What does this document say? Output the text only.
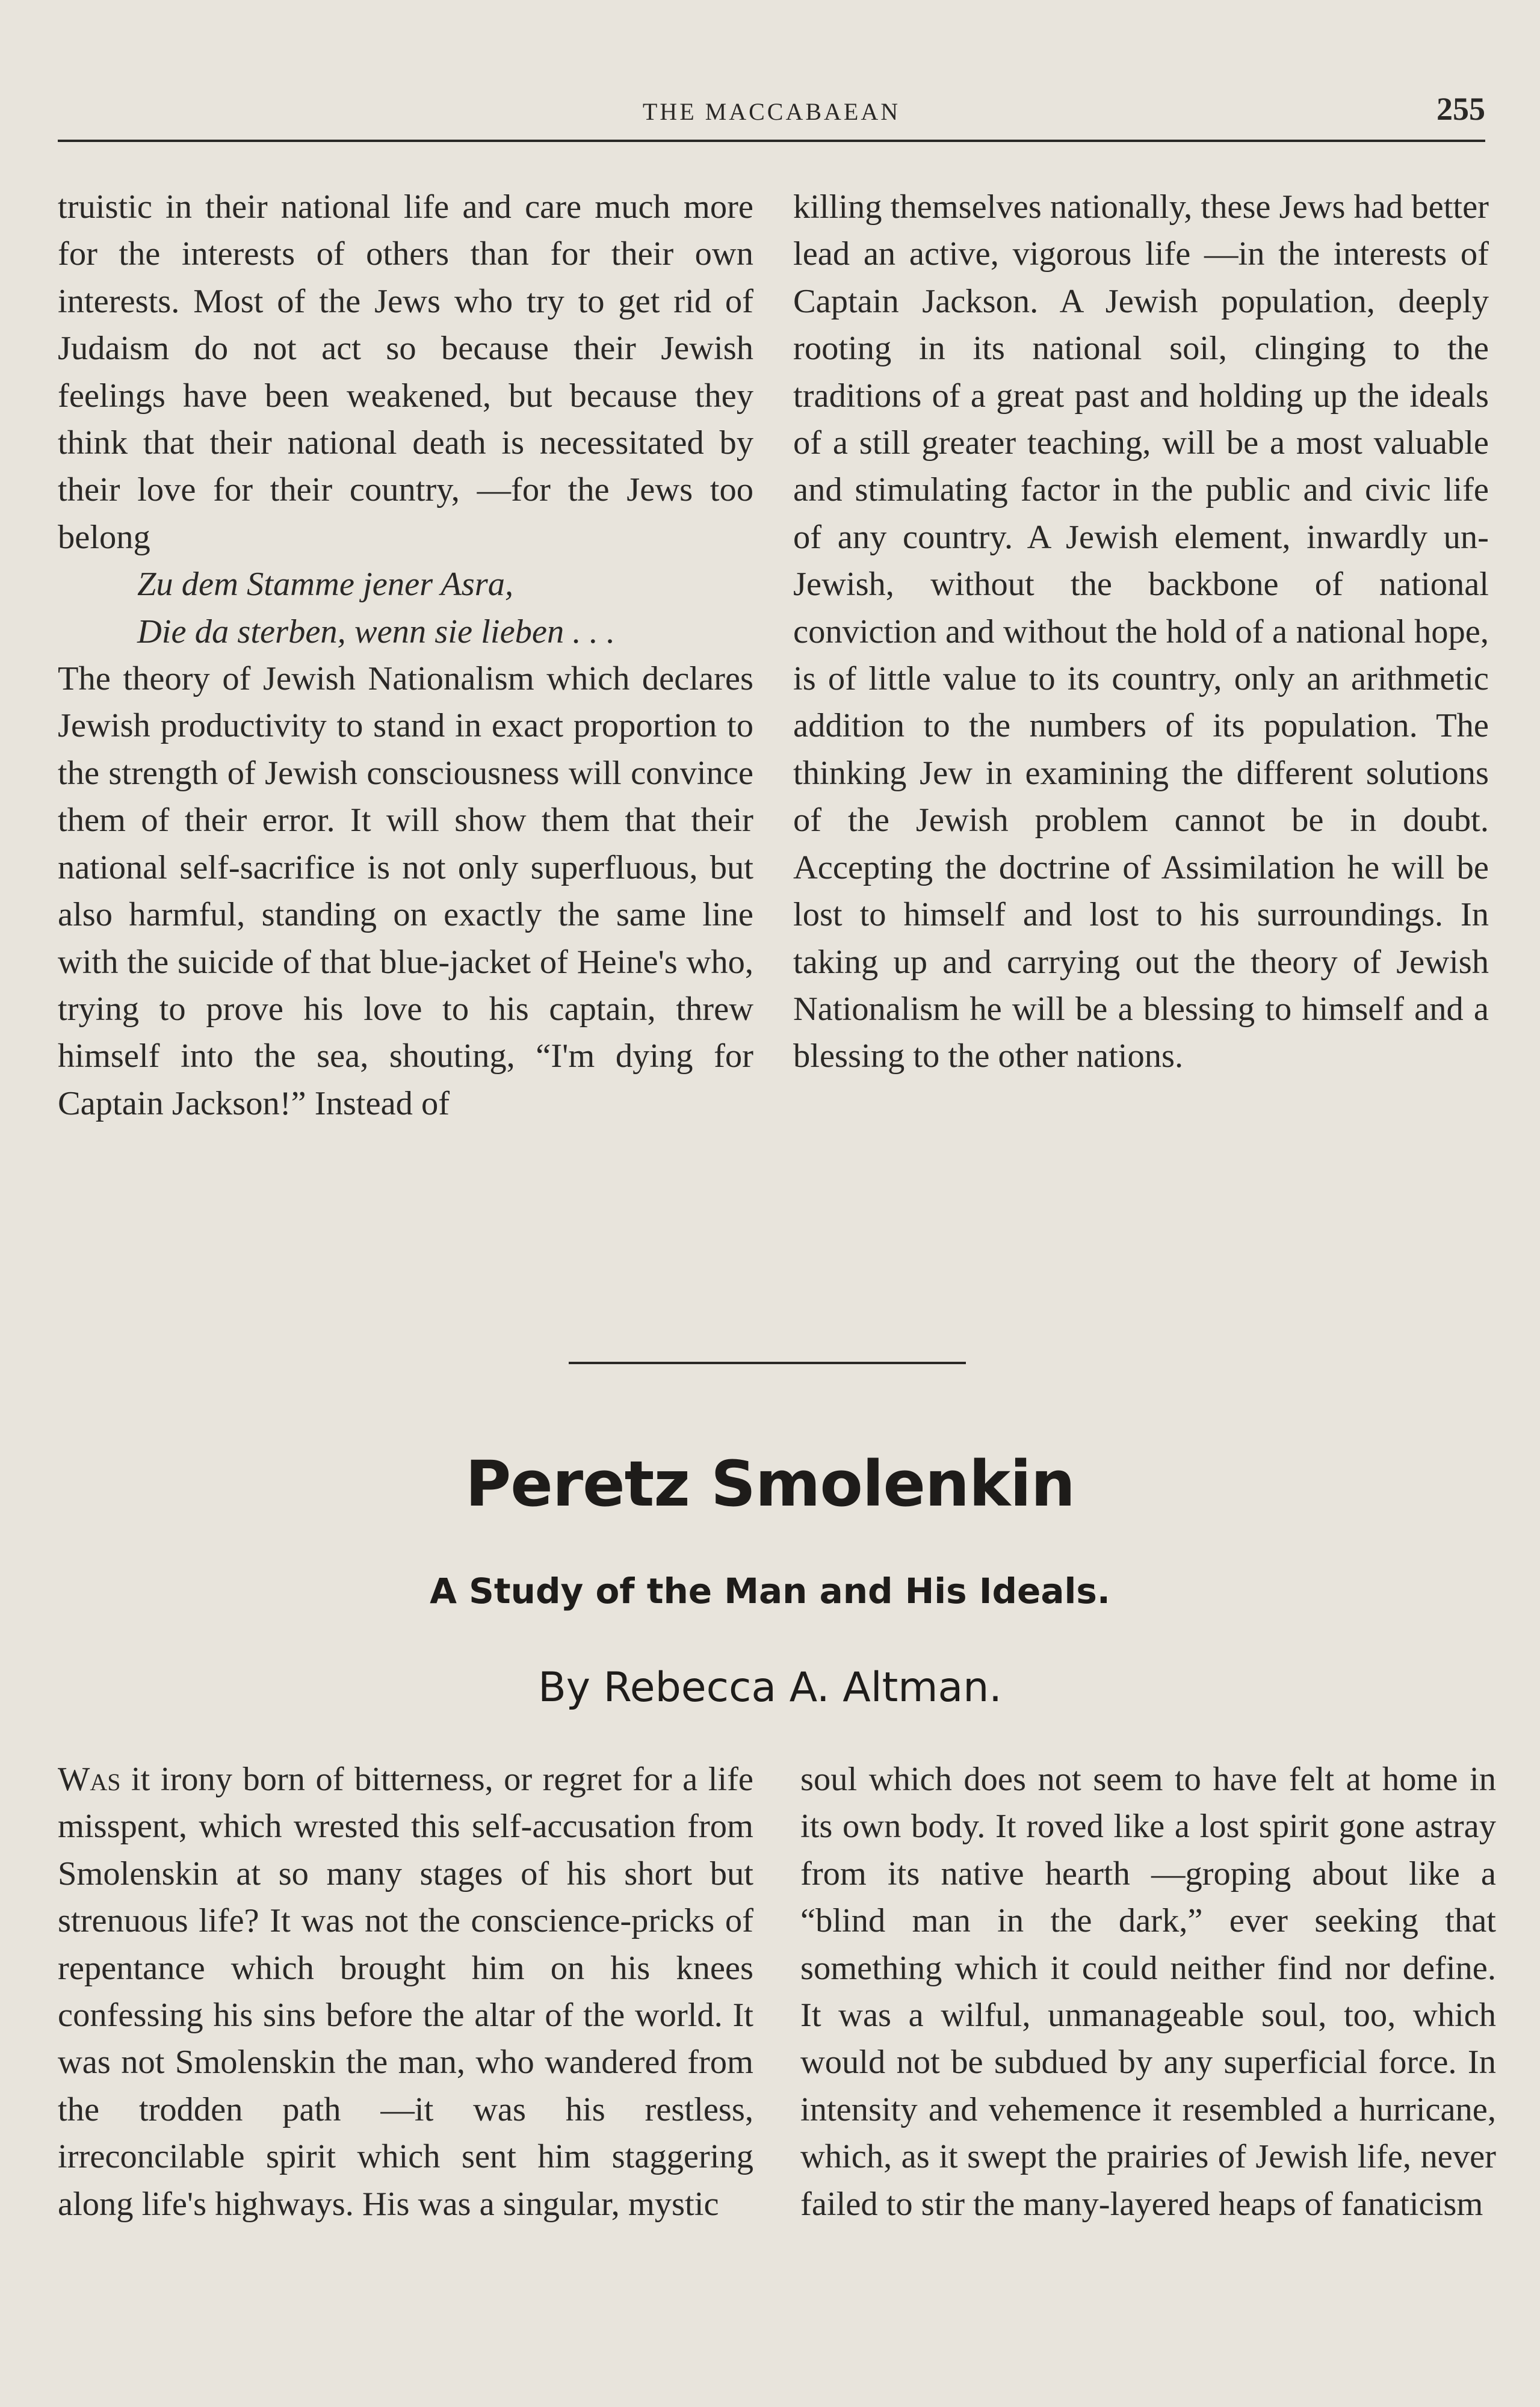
THE MACCABAEAN	255

truistic in their national life and care much more for the interests of others than for their own interests. Most of the Jews who try to get rid of Judaism do not act so because their Jewish feelings have been weakened, but because they think that their national death is necessitated by their love for their country, —for the Jews too belong

Zu dem Stamme jener Asra,
Die da sterben, wenn sie lieben . . .

The theory of Jewish Nationalism which declares Jewish productivity to stand in exact proportion to the strength of Jewish consciousness will convince them of their error. It will show them that their national self-sacrifice is not only superfluous, but also harmful, standing on exactly the same line with the suicide of that blue-jacket of Heine's who, trying to prove his love to his captain, threw himself into the sea, shouting, “I'm dying for Captain Jackson!” Instead of

killing themselves nationally, these Jews had better lead an active, vigorous life —in the interests of Captain Jackson. A Jewish population, deeply rooting in its national soil, clinging to the traditions of a great past and holding up the ideals of a still greater teaching, will be a most valuable and stimulating factor in the public and civic life of any country. A Jewish element, inwardly un-Jewish, without the backbone of national conviction and without the hold of a national hope, is of little value to its country, only an arithmetic addition to the numbers of its population. The thinking Jew in examining the different solutions of the Jewish problem cannot be in doubt. Accepting the doctrine of Assimilation he will be lost to himself and lost to his surroundings. In taking up and carrying out the theory of Jewish Nationalism he will be a blessing to himself and a blessing to the other nations.

Peretz Smolenkin
A Study of the Man and His Ideals.
By Rebecca A. Altman.

Was it irony born of bitterness, or regret for a life misspent, which wrested this self-accusation from Smolenskin at so many stages of his short but strenuous life? It was not the conscience-pricks of repentance which brought him on his knees confessing his sins before the altar of the world. It was not Smolenskin the man, who wandered from the trodden path —it was his restless, irreconcilable spirit which sent him staggering along life's highways. His was a singular, mystic

soul which does not seem to have felt at home in its own body. It roved like a lost spirit gone astray from its native hearth —groping about like a “blind man in the dark,” ever seeking that something which it could neither find nor define. It was a wilful, unmanageable soul, too, which would not be subdued by any superficial force. In intensity and vehemence it resembled a hurricane, which, as it swept the prairies of Jewish life, never failed to stir the many-layered heaps of fanaticism
